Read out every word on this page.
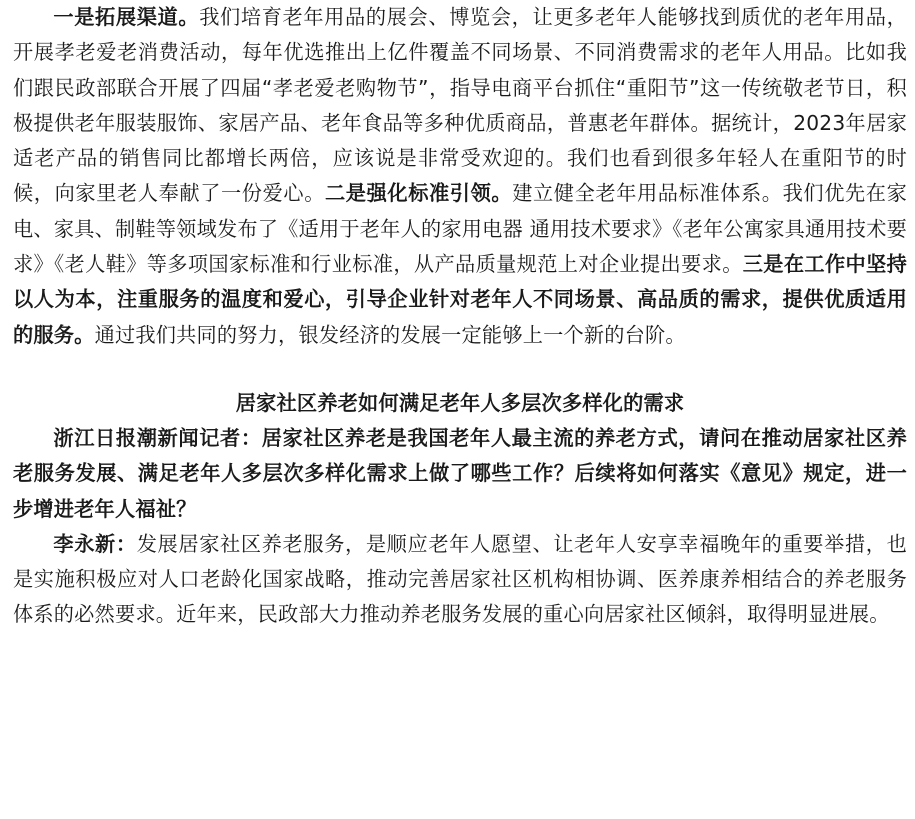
一是拓展渠道。我们培育老年用品的展会、博览会，让更多老年人能够找到质优的老年用品，开展孝老爱老消费活动，每年优选推出上亿件覆盖不同场景、不同消费需求的老年人用品。比如我们跟民政部联合开展了四届“孝老爱老购物节”，指导电商平台抓住“重阳节”这一传统敬老节日，积极提供老年服装服饰、家居产品、老年食品等多种优质商品，普惠老年群体。据统计，2023年居家适老产品的销售同比都增长两倍，应该说是非常受欢迎的。我们也看到很多年轻人在重阳节的时候，向家里老人奉献了一份爱心。二是强化标准引领。建立健全老年用品标准体系。我们优先在家电、家具、制鞋等领域发布了《适用于老年人的家用电器 通用技术要求》《老年公寓家具通用技术要求》《老人鞋》等多项国家标准和行业标准，从产品质量规范上对企业提出要求。三是在工作中坚持以人为本，注重服务的温度和爱心，引导企业针对老年人不同场景、高品质的需求，提供优质适用的服务。通过我们共同的努力，银发经济的发展一定能够上一个新的台阶。

居家社区养老如何满足老年人多层次多样化的需求

浙江日报潮新闻记者：居家社区养老是我国老年人最主流的养老方式，请问在推动居家社区养老服务发展、满足老年人多层次多样化需求上做了哪些工作？后续将如何落实《意见》规定，进一步增进老年人福祉？

李永新：发展居家社区养老服务，是顺应老年人愿望、让老年人安享幸福晚年的重要举措，也是实施积极应对人口老龄化国家战略，推动完善居家社区机构相协调、医养康养相结合的养老服务体系的必然要求。近年来，民政部大力推动养老服务发展的重心向居家社区倾斜，取得明显进展。
